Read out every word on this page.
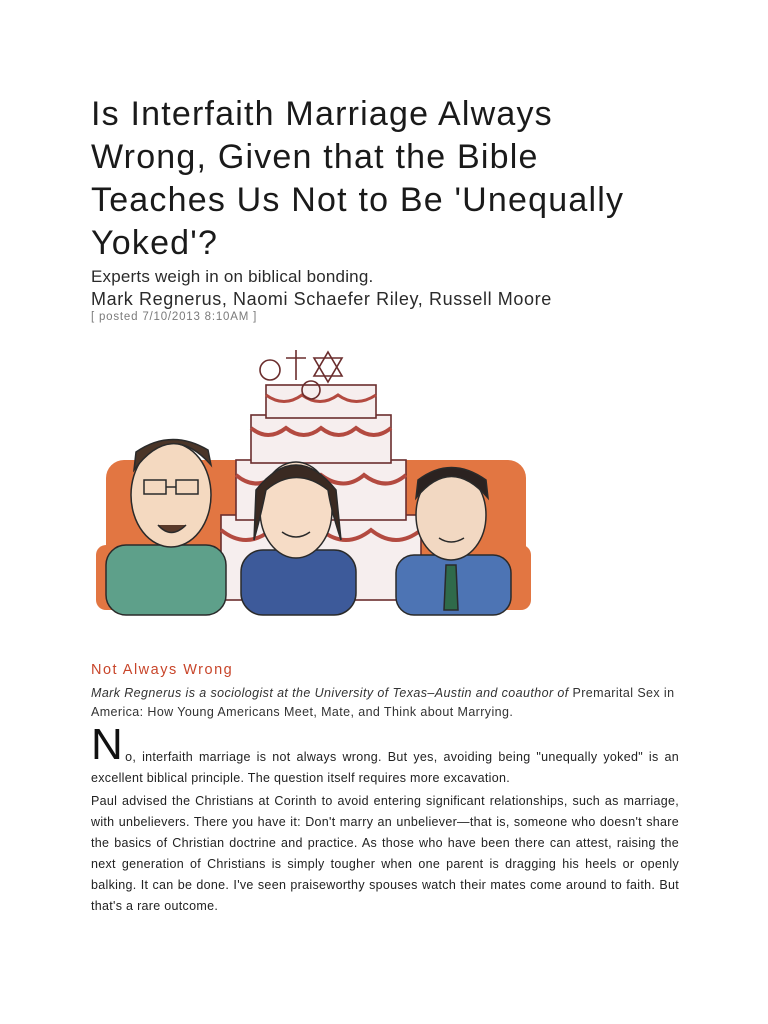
Is Interfaith Marriage Always Wrong, Given that the Bible Teaches Us Not to Be 'Unequally Yoked'?
Experts weigh in on biblical bonding.
Mark Regnerus, Naomi Schaefer Riley, Russell Moore
[ posted 7/10/2013 8:10AM ]
Not Always Wrong
Mark Regnerus is a sociologist at the University of Texas–Austin and coauthor of Premarital Sex in America: How Young Americans Meet, Mate, and Think about Marrying.

N o, interfaith marriage is not always wrong. But yes, avoiding being "unequally yoked" is an excellent biblical principle. The question itself requires more excavation.

Paul advised the Christians at Corinth to avoid entering significant relationships, such as marriage, with unbelievers. There you have it: Don't marry an unbeliever—that is, someone who doesn't share the basics of Christian doctrine and practice. As those who have been there can attest, raising the next generation of Christians is simply tougher when one parent is dragging his heels or openly balking. It can be done. I've seen praiseworthy spouses watch their mates come around to faith. But that's a rare outcome.
